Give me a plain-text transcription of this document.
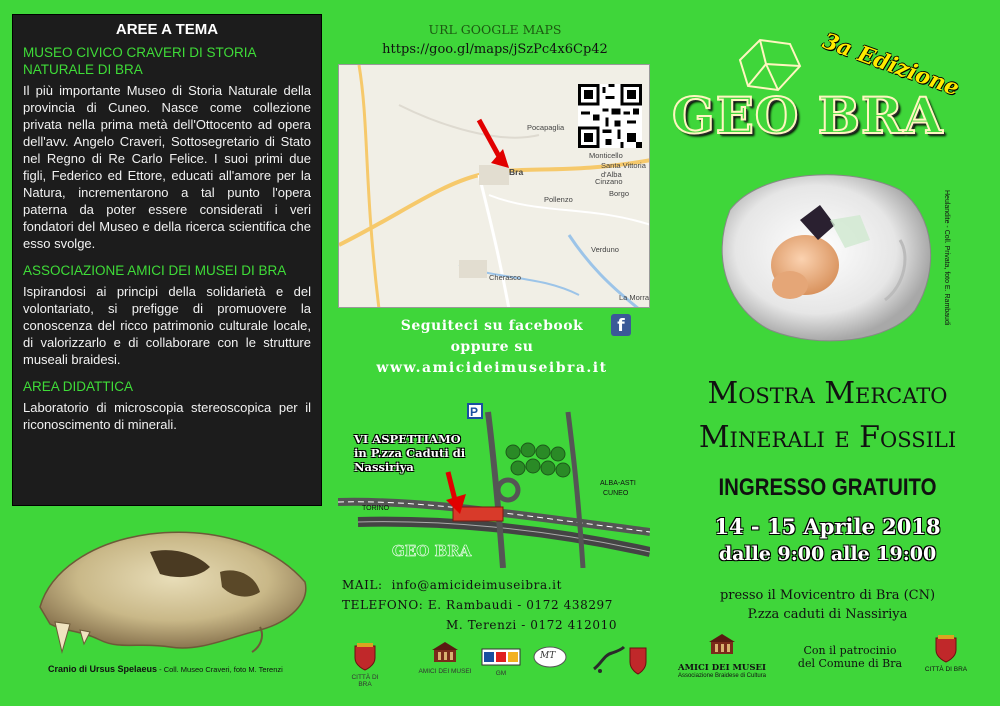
AREE A TEMA
MUSEO CIVICO CRAVERI DI STORIA NATURALE DI BRA
Il più importante Museo di Storia Naturale della provincia di Cuneo. Nasce come collezione privata nella prima metà dell'Ottocento ad opera dell'avv. Angelo Craveri, Sottosegretario di Stato nel Regno di Re Carlo Felice. I suoi primi due figli, Federico ed Ettore, educati all'amore per la Natura, incrementarono a tal punto l'opera paterna da poter essere considerati i veri fondatori del Museo e della ricerca scientifica che esso svolge.
ASSOCIAZIONE AMICI DEI MUSEI DI BRA
Ispirandosi ai principi della solidarietà e del volontariato, si prefigge di promuovere la conoscenza del ricco patrimonio culturale locale, di valorizzarlo e di collaborare con le strutture museali braidesi.
AREA DIDATTICA
Laboratorio di microscopia stereoscopica per il riconoscimento di minerali.
Cranio di Ursus Spelaeus - Coll. Museo Craveri, foto M. Terenzi
URL GOOGLE MAPS
https://goo.gl/maps/jSzPc4x6Cp42
Pocapaglia
Bra
Pollenzo
Cinzano
Santa Vittoria d'Alba
Verduno
Cherasco
La Morra
Monticello
Borgo
Seguiteci su facebook	f
oppure su
www.amicideimuseibra.it
P
TORINO
ALBA-ASTI
CUNEO
GEO BRA
VI ASPETTIAMO
in P.zza Caduti di
Nassiriya
MAIL: info@amicideimuseibra.it
TELEFONO: E. Rambaudi - 0172 438297
M. Terenzi - 0172 412010
CITTÀ DI BRA
AMICI DEI MUSEI	GM
MT
3a Edizione
GEO BRA
Heulandite - Coll. Privata, foto E. Rambaudi
Mostra Mercato
Minerali e Fossili
INGRESSO GRATUITO
14 - 15 Aprile 2018
dalle 9:00 alle 19:00
presso il Movicentro di Bra (CN)
P.zza caduti di Nassiriya
AMICI DEI MUSEI
Associazione Braidese di Cultura
Con il patrocinio
del Comune di Bra	CITTÀ DI BRA
